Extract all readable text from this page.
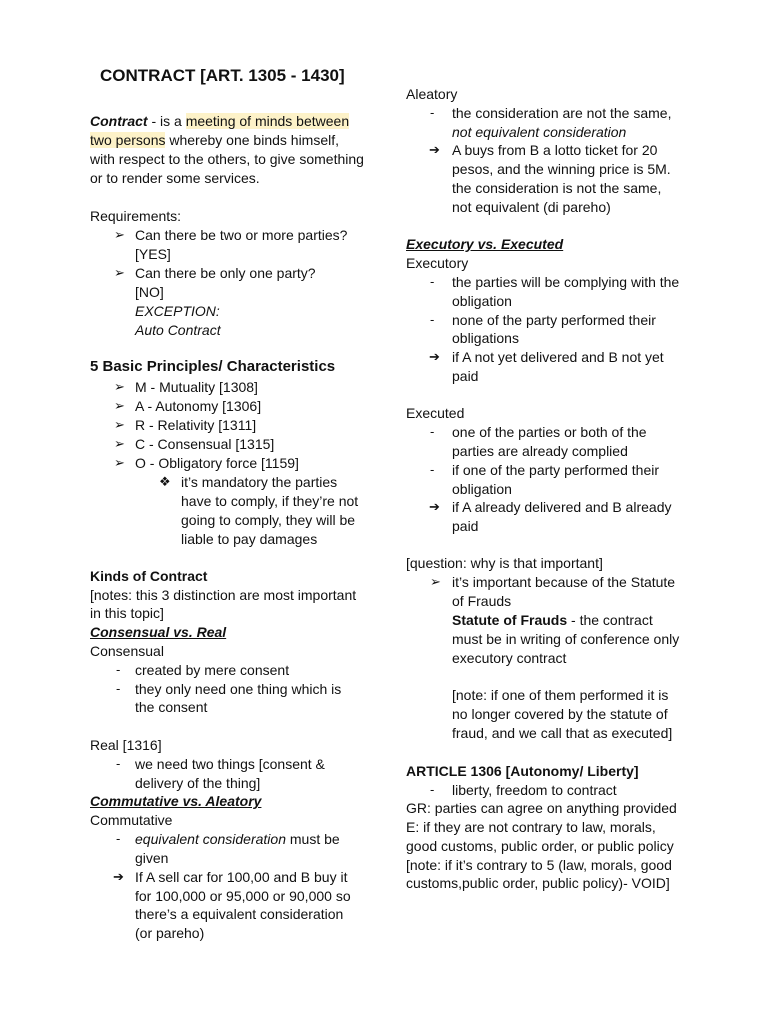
CONTRACT [ART. 1305 - 1430]
Contract - is a meeting of minds between
two persons whereby one binds himself,
with respect to the others, to give something
or to render some services.
Requirements:
➢ Can there be two or more parties?
[YES]
➢ Can there be only one party?
[NO]
EXCEPTION:
Auto Contract
5 Basic Principles/ Characteristics
➢ M - Mutuality [1308]
➢ A - Autonomy [1306]
➢ R - Relativity [1311]
➢ C - Consensual [1315]
➢ O - Obligatory force [1159]
❖ it’s mandatory the parties
have to comply, if they’re not
going to comply, they will be
liable to pay damages
Kinds of Contract
[notes: this 3 distinction are most important
in this topic]
Consensual vs. Real
Consensual
- created by mere consent
- they only need one thing which is
the consent
Real [1316]
- we need two things [consent &
delivery of the thing]
Commutative vs. Aleatory
Commutative
- equivalent consideration must be
given
➔ If A sell car for 100,00 and B buy it
for 100,000 or 95,000 or 90,000 so
there’s a equivalent consideration
(or pareho)
Aleatory
- the consideration are not the same,
not equivalent consideration
➔ A buys from B a lotto ticket for 20
pesos, and the winning price is 5M.
the consideration is not the same,
not equivalent (di pareho)
Executory vs. Executed
Executory
- the parties will be complying with the
obligation
- none of the party performed their
obligations
➔ if A not yet delivered and B not yet
paid
Executed
- one of the parties or both of the
parties are already complied
- if one of the party performed their
obligation
➔ if A already delivered and B already
paid
[question: why is that important]
➢ it’s important because of the Statute
of Frauds
Statute of Frauds - the contract
must be in writing of conference only
executory contract
[note: if one of them performed it is
no longer covered by the statute of
fraud, and we call that as executed]
ARTICLE 1306 [Autonomy/ Liberty]
- liberty, freedom to contract
GR: parties can agree on anything provided
E: if they are not contrary to law, morals,
good customs, public order, or public policy
[note: if it’s contrary to 5 (law, morals, good
customs,public order, public policy)- VOID]
